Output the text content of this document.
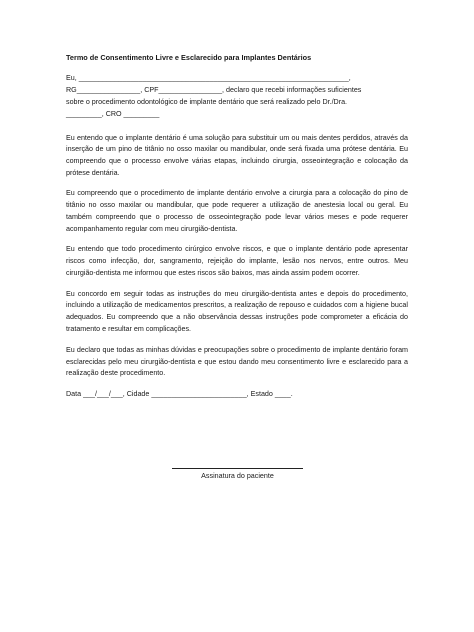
Termo de Consentimento Livre e Esclarecido para Implantes Dentários
Eu, ____________________________________________________________________,
RG________________, CPF________________, declaro que recebi informações suficientes
sobre o procedimento odontológico de implante dentário que será realizado pelo Dr./Dra.
_________, CRO _________

Eu entendo que o implante dentário é uma solução para substituir um ou mais dentes perdidos, através da inserção de um pino de titânio no osso maxilar ou mandibular, onde será fixada uma prótese dentária. Eu compreendo que o processo envolve várias etapas, incluindo cirurgia, osseointegração e colocação da prótese dentária.

Eu compreendo que o procedimento de implante dentário envolve a cirurgia para a colocação do pino de titânio no osso maxilar ou mandibular, que pode requerer a utilização de anestesia local ou geral. Eu também compreendo que o processo de osseointegração pode levar vários meses e pode requerer acompanhamento regular com meu cirurgião-dentista.

Eu entendo que todo procedimento cirúrgico envolve riscos, e que o implante dentário pode apresentar riscos como infecção, dor, sangramento, rejeição do implante, lesão nos nervos, entre outros. Meu cirurgião-dentista me informou que estes riscos são baixos, mas ainda assim podem ocorrer.

Eu concordo em seguir todas as instruções do meu cirurgião-dentista antes e depois do procedimento, incluindo a utilização de medicamentos prescritos, a realização de repouso e cuidados com a higiene bucal adequados. Eu compreendo que a não observância dessas instruções pode comprometer a eficácia do tratamento e resultar em complicações.

Eu declaro que todas as minhas dúvidas e preocupações sobre o procedimento de implante dentário foram esclarecidas pelo meu cirurgião-dentista e que estou dando meu consentimento livre e esclarecido para a realização deste procedimento.

Data ___/___/___, Cidade ________________________, Estado ____.
Assinatura do paciente
